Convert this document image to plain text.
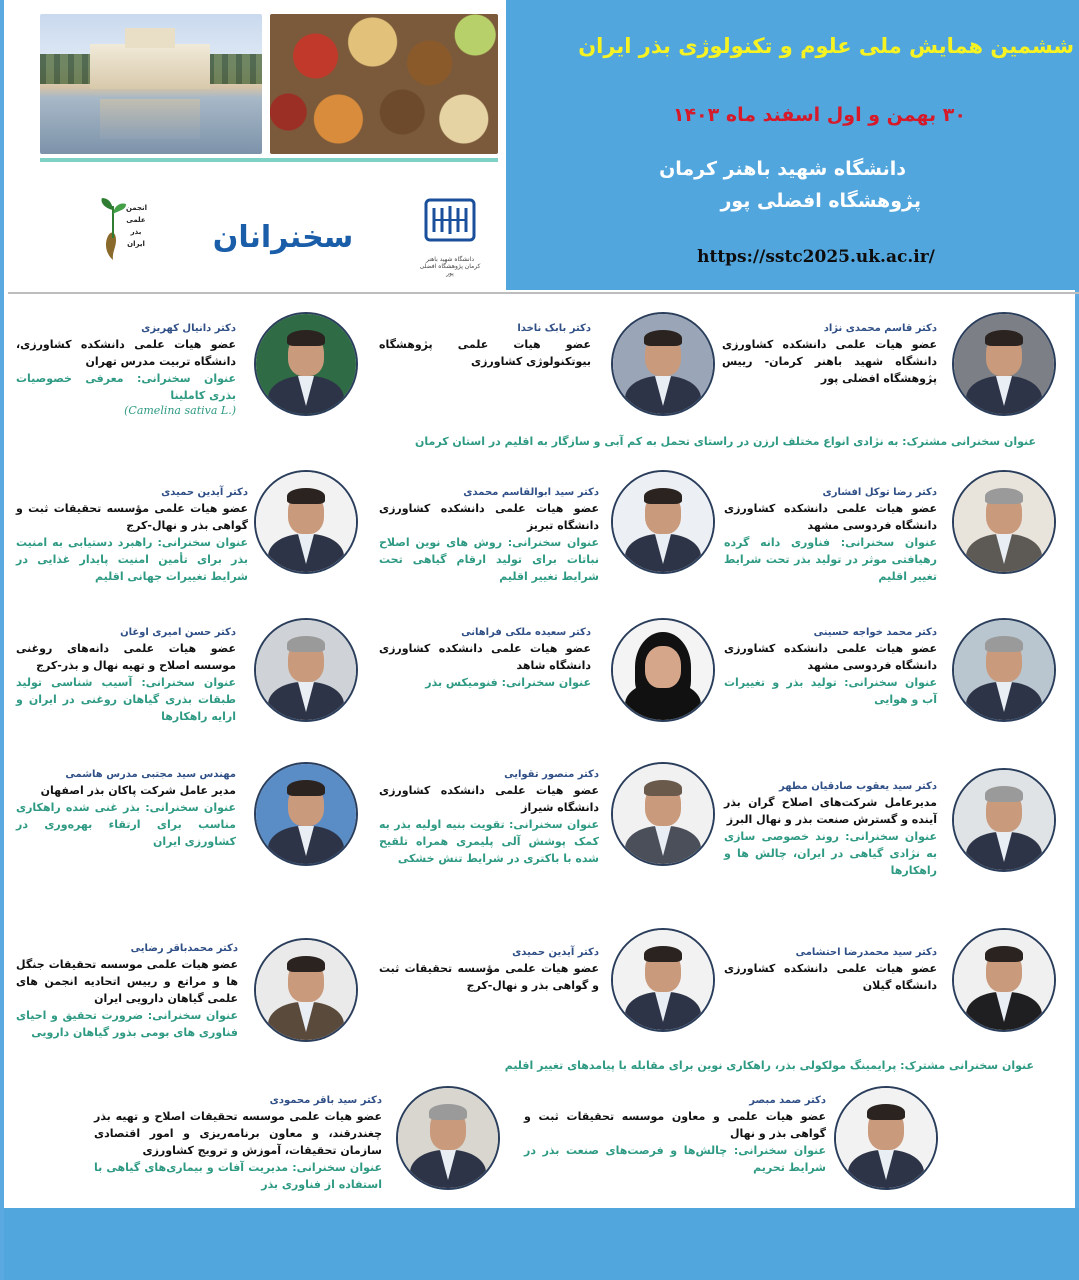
انجمن علمی بذر ایران	سخنرانان
دانشگاه شهید باهنر کرمان پژوهشگاه افضلی پور
ششمین همایش ملی علوم و تکنولوژی بذر ایران
۳۰ بهمن و اول اسفند ماه ۱۴۰۳
دانشگاه شهید باهنر کرمان
پژوهشگاه افضلی پور
https://sstc2025.uk.ac.ir/
دکتر قاسم محمدی نژاد
عضو هیات علمی دانشکده کشاورزی دانشگاه شهید باهنر کرمان- رییس پژوهشگاه افضلی پور
دکتر بابک ناخدا
عضو هیات علمی پژوهشگاه بیوتکنولوژی کشاورزی
دکتر دانیال کهریزی
عضو هیات علمی دانشکده کشاورزی، دانشگاه تربیت مدرس تهران
عنوان سخنرانی: معرفی خصوصیات بذری کاملینا
(Camelina sativa L.)
عنوان سخنرانی مشترک: به نژادی انواع مختلف ارزن در راستای تحمل به کم آبی و سازگار به اقلیم در استان کرمان
دکتر رضا توکل افشاری
عضو هیات علمی دانشکده کشاورزی دانشگاه فردوسی مشهد
عنوان سخنرانی: فناوری دانه گرده رهیافتی موثر در تولید بذر تحت شرایط تغییر اقلیم
دکتر سید ابوالقاسم محمدی
عضو هیات علمی دانشکده کشاورزی دانشگاه تبریز
عنوان سخنرانی: روش های نوین اصلاح نباتات برای تولید ارقام گیاهی تحت شرایط تغییر اقلیم
دکتر آیدین حمیدی
عضو هیات علمی مؤسسه تحقیقات ثبت و گواهی بذر و نهال-کرج
عنوان سخنرانی: راهبرد دستیابی به امنیت بذر برای تأمین امنیت پایدار غذایی در شرایط تغییرات جهانی اقلیم
دکتر محمد خواجه حسینی
عضو هیات علمی دانشکده کشاورزی دانشگاه فردوسی مشهد
عنوان سخنرانی: تولید بذر و تغییرات آب و هوایی
دکتر سعیده ملکی فراهانی
عضو هیات علمی دانشکده کشاورزی دانشگاه شاهد
عنوان سخنرانی: فنومیکس بذر
دکتر حسن امیری اوغان
عضو هیات علمی دانه‌های روغنی موسسه اصلاح و تهیه نهال و بذر-کرج
عنوان سخنرانی: آسیب شناسی تولید طبقات بذری گیاهان روغنی در ایران و ارایه راهکارها
دکتر سید یعقوب صادقیان مطهر
مدیرعامل شرکت‌های اصلاح گران بذر آینده و گسترش صنعت بذر و نهال البرز
عنوان سخنرانی: روند خصوصی سازی به نژادی گیاهی در ایران، چالش ها و راهکارها
دکتر منصور تقوایی
عضو هیات علمی دانشکده کشاورزی دانشگاه شیراز
عنوان سخنرانی: تقویت بنیه اولیه بذر به کمک پوشش آلی پلیمری همراه تلقیح شده با باکتری در شرایط تنش خشکی
مهندس سید مجتبی مدرس هاشمی
مدیر عامل شرکت پاکان بذر اصفهان
عنوان سخنرانی: بذر غنی شده راهکاری مناسب برای ارتقاء بهره‌وری در کشاورزی ایران
دکتر سید محمدرضا احتشامی
عضو هیات علمی دانشکده کشاورزی دانشگاه گیلان
دکتر آیدین حمیدی
عضو هیات علمی مؤسسه تحقیقات ثبت و گواهی بذر و نهال-کرج
دکتر محمدباقر رضایی
عضو هیات علمی موسسه تحقیقات جنگل ها و مراتع و رییس اتحادیه انجمن های علمی گیاهان دارویی ایران
عنوان سخنرانی: ضرورت تحقیق و احیای فناوری های بومی بذور گیاهان دارویی
عنوان سخنرانی مشترک: پرایمینگ مولکولی بذر، راهکاری نوین برای مقابله با پیامدهای تغییر اقلیم
دکتر صمد مبصر
عضو هیات علمی و معاون موسسه تحقیقات ثبت و گواهی بذر و نهال
عنوان سخنرانی: چالش‌ها و فرصت‌های صنعت بذر در شرایط تحریم
دکتر سید باقر محمودی
عضو هیات علمی موسسه تحقیقات اصلاح و تهیه بذر چغندرقند، و معاون برنامه‌ریزی و امور اقتصادی سازمان تحقیقات، آموزش و ترویج کشاورزی
عنوان سخنرانی: مدیریت آفات و بیماری‌های گیاهی با استفاده از فناوری بذر
